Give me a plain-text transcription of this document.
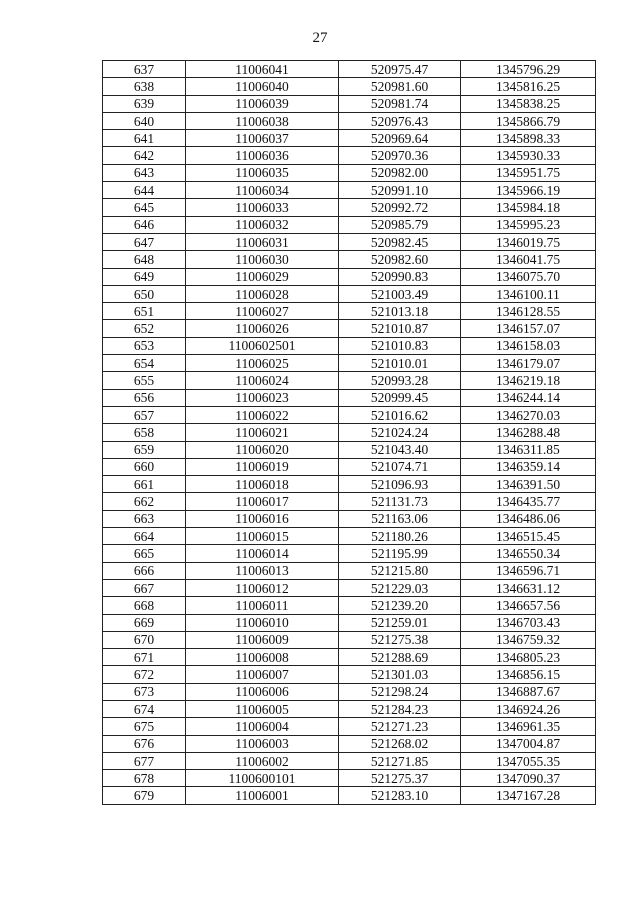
27
637	11006041	520975.47	1345796.29
638	11006040	520981.60	1345816.25
639	11006039	520981.74	1345838.25
640	11006038	520976.43	1345866.79
641	11006037	520969.64	1345898.33
642	11006036	520970.36	1345930.33
643	11006035	520982.00	1345951.75
644	11006034	520991.10	1345966.19
645	11006033	520992.72	1345984.18
646	11006032	520985.79	1345995.23
647	11006031	520982.45	1346019.75
648	11006030	520982.60	1346041.75
649	11006029	520990.83	1346075.70
650	11006028	521003.49	1346100.11
651	11006027	521013.18	1346128.55
652	11006026	521010.87	1346157.07
653	1100602501	521010.83	1346158.03
654	11006025	521010.01	1346179.07
655	11006024	520993.28	1346219.18
656	11006023	520999.45	1346244.14
657	11006022	521016.62	1346270.03
658	11006021	521024.24	1346288.48
659	11006020	521043.40	1346311.85
660	11006019	521074.71	1346359.14
661	11006018	521096.93	1346391.50
662	11006017	521131.73	1346435.77
663	11006016	521163.06	1346486.06
664	11006015	521180.26	1346515.45
665	11006014	521195.99	1346550.34
666	11006013	521215.80	1346596.71
667	11006012	521229.03	1346631.12
668	11006011	521239.20	1346657.56
669	11006010	521259.01	1346703.43
670	11006009	521275.38	1346759.32
671	11006008	521288.69	1346805.23
672	11006007	521301.03	1346856.15
673	11006006	521298.24	1346887.67
674	11006005	521284.23	1346924.26
675	11006004	521271.23	1346961.35
676	11006003	521268.02	1347004.87
677	11006002	521271.85	1347055.35
678	1100600101	521275.37	1347090.37
679	11006001	521283.10	1347167.28
